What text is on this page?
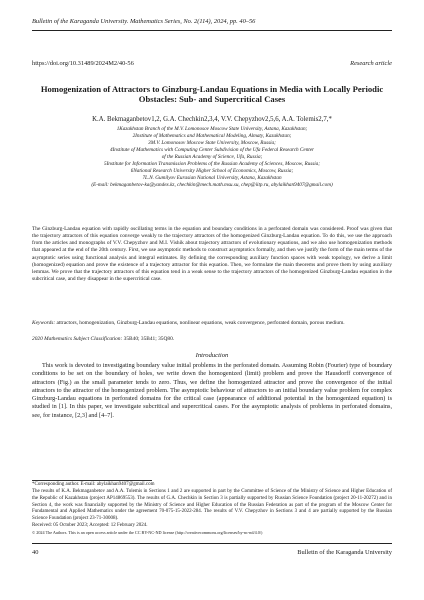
Bulletin of the Karaganda University. Mathematics Series, No. 2(114), 2024, pp. 40–56
https://doi.org/10.31489/2024M2/40-56	Research article
Homogenization of Attractors to Ginzburg-Landau Equations in Media with Locally Periodic Obstacles: Sub- and Supercritical Cases
K.A. Bekmaganbetov1,2, G.A. Chechkin2,3,4, V.V. Chepyzhov2,5,6, A.A. Tolemis2,7,*
1Kazakhstan Branch of the M.V. Lomonosov Moscow State University, Astana, Kazakhstan;
2Institute of Mathematics and Mathematical Modeling, Almaty, Kazakhstan;
3M.V. Lomonosov Moscow State University, Moscow, Russia;
4Institute of Mathematics with Computing Center Subdivision of the Ufa Federal Research Center
of the Russian Academy of Science, Ufa, Russia;
5Institute for Information Transmission Problems of the Russian Academy of Sciences, Moscow, Russia;
6National Research University Higher School of Economics, Moscow, Russia;
7L.N. Gumilyov Eurasian National University, Astana, Kazakhstan
(E-mail: bekmaganbetov-ka@yandex.kz, chechkin@mech.math.msu.su, chep@iitp.ru, abylaikhan9407@gmail.com)
The Ginzburg-Landau equation with rapidly oscillating terms in the equation and boundary conditions in a perforated domain was considered. Proof was given that the trajectory attractors of this equation converge weakly to the trajectory attractors of the homogenized Ginzburg-Landau equation. To do this, we use the approach from the articles and monographs of V.V. Chepyzhov and M.I. Vishik about trajectory attractors of evolutionary equations, and we also use homogenization methods that appeared at the end of the 20th century. First, we use asymptotic methods to construct asymptotics formally, and then we justify the form of the main terms of the asymptotic series using functional analysis and integral estimates. By defining the corresponding auxiliary function spaces with weak topology, we derive a limit (homogenized) equation and prove the existence of a trajectory attractor for this equation. Then, we formulate the main theorems and prove them by using auxiliary lemmas. We prove that the trajectory attractors of this equation tend in a weak sense to the trajectory attractors of the homogenized Ginzburg-Landau equation in the subcritical case, and they disappear in the supercritical case.
Keywords: attractors, homogenization, Ginzburg-Landau equations, nonlinear equations, weak convergence, perforated domain, porous medium.
2020 Mathematics Subject Classification: 35B40; 35B41; 35Q80.
Introduction
This work is devoted to investigating boundary value initial problems in the perforated domain. Assuming Robin (Fourier) type of boundary conditions to be set on the boundary of holes, we write down the homogenized (limit) problem and prove the Hausdorff convergence of attractors (Fig.) as the small parameter tends to zero. Thus, we define the homogenized attractor and prove the convergence of the initial attractors to the attractor of the homogenized problem. The asymptotic behaviour of attractors to an initial boundary value problem for complex Ginzburg-Landau equations in perforated domains for the critical case (appearance of additional potential in the homogenized equation) is studied in [1]. In this paper, we investigate subcritical and supercritical cases. For the asymptotic analysis of problems in perforated domains, see, for instance, [2,3] and [4–7].

*Corresponding author. E-mail: abylaikhan9407@gmail.com

The results of K.A. Bekmaganbetov and A.A. Tolemis in Sections 1 and 2 are supported in part by the Committee of Science of the Ministry of Science and Higher Education of the Republic of Kazakhstan (project AP14869553). The results of G.A. Chechkin in Section 3 is partially supported by Russian Science Foundation (project 20-11-20272) and in Section 4, the work was financially supported by the Ministry of Science and Higher Education of the Russian Federation as part of the program of the Moscow Center for Fundamental and Applied Mathematics under the agreement 70-075-15-2022-284. The results of V.V. Chepyzhov in Sections 3 and 4 are partially supported by the Russian Science Foundation (project 23-71-30008).

Received: 05 October 2023; Accepted: 12 February 2024.

© 2024 The Authors. This is an open access article under the CC BY-NC-ND license (http://creativecommons.org/licenses/by-nc-nd/4.0/)

40	Bulletin of the Karaganda University
